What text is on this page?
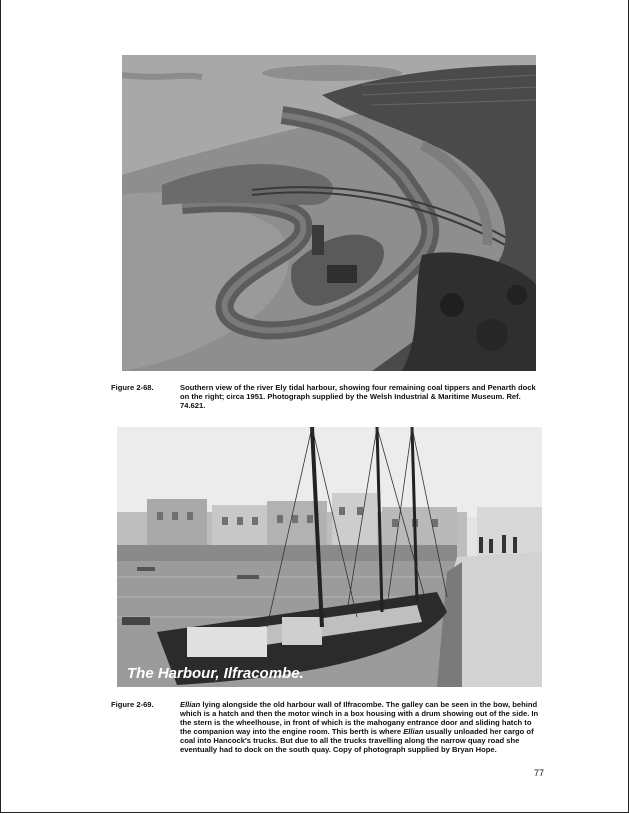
Figure 2-68.	Southern view of the river Ely tidal harbour, showing four remaining coal tippers and Penarth dock on the right; circa 1951. Photograph supplied by the Welsh Industrial & Maritime Museum. Ref. 74.621.
The Harbour, Ilfracombe.
Figure 2-69.	Ellian lying alongside the old harbour wall of Ilfracombe. The galley can be seen in the bow, behind which is a hatch and then the motor winch in a box housing with a drum showing out of the side. In the stern is the wheelhouse, in front of which is the mahogany entrance door and sliding hatch to the companion way into the engine room. This berth is where Ellian usually unloaded her cargo of coal into Hancock's trucks. But due to all the trucks travelling along the narrow quay road she eventually had to dock on the south quay. Copy of photograph supplied by Bryan Hope.
77
